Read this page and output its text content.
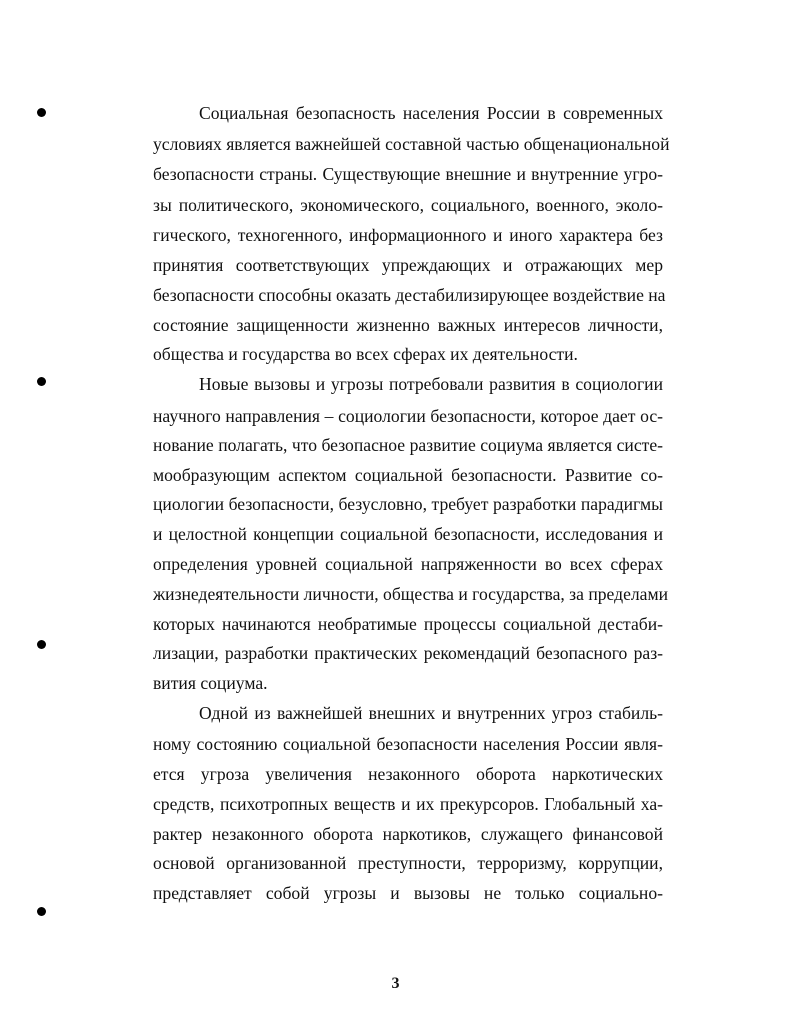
Социальная безопасность населения России в современных
условиях является важнейшей составной частью общенациональной
безопасности страны. Существующие внешние и внутренние угро-
зы политического, экономического, социального, военного, эколо-
гического, техногенного, информационного и иного характера без
принятия соответствующих упреждающих и отражающих мер
безопасности способны оказать дестабилизирующее воздействие на
состояние защищенности жизненно важных интересов личности,
общества и государства во всех сферах их деятельности.
Новые вызовы и угрозы потребовали развития в социологии
научного направления – социологии безопасности, которое дает ос-
нование полагать, что безопасное развитие социума является систе-
мообразующим аспектом социальной безопасности. Развитие со-
циологии безопасности, безусловно, требует разработки парадигмы
и целостной концепции социальной безопасности, исследования и
определения уровней социальной напряженности во всех сферах
жизнедеятельности личности, общества и государства, за пределами
которых начинаются необратимые процессы социальной дестаби-
лизации, разработки практических рекомендаций безопасного раз-
вития социума.
Одной из важнейшей внешних и внутренних угроз стабиль-
ному состоянию социальной безопасности населения России явля-
ется угроза увеличения незаконного оборота наркотических
средств, психотропных веществ и их прекурсоров. Глобальный ха-
рактер незаконного оборота наркотиков, служащего финансовой
основой организованной преступности, терроризму, коррупции,
представляет собой угрозы и вызовы не только социально-
3
